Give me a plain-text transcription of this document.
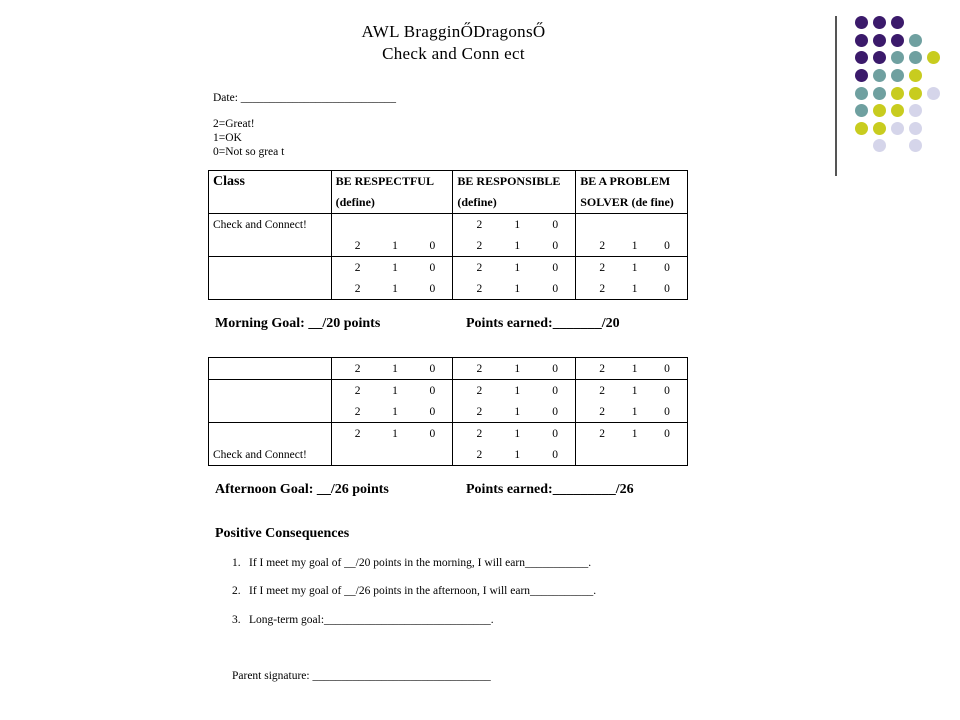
AWL BragginŐDragonsŐ
Check and Conn ect
Date: ___________________________
2=Great!
1=OK
0=Not so grea t
Class	BE RESPECTFUL	BE RESPONSIBLE	BE A PROBLEM
	(define)	(define)	SOLVER (de fine)
Check and Connect!		2 1 0	

	2 1 0	2 1 0	2 1 0

	2 1 0	2 1 0	2 1 0

	2 1 0	2 1 0	2 1 0
Morning Goal: __/20 points	Points earned:_______/20

	2 1 0	2 1 0	2 1 0

	2 1 0	2 1 0	2 1 0

	2 1 0	2 1 0	2 1 0

	2 1 0	2 1 0	2 1 0

Check and Connect!		2 1 0	

Afternoon Goal: __/26 points	Points earned:_________/26
Positive Consequences
1. If I meet my goal of __/20 points in the morning, I will earn___________.
2. If I meet my goal of __/26 points in the afternoon, I will earn___________.
3. Long-term goal:_____________________________.
Parent signature: _______________________________
